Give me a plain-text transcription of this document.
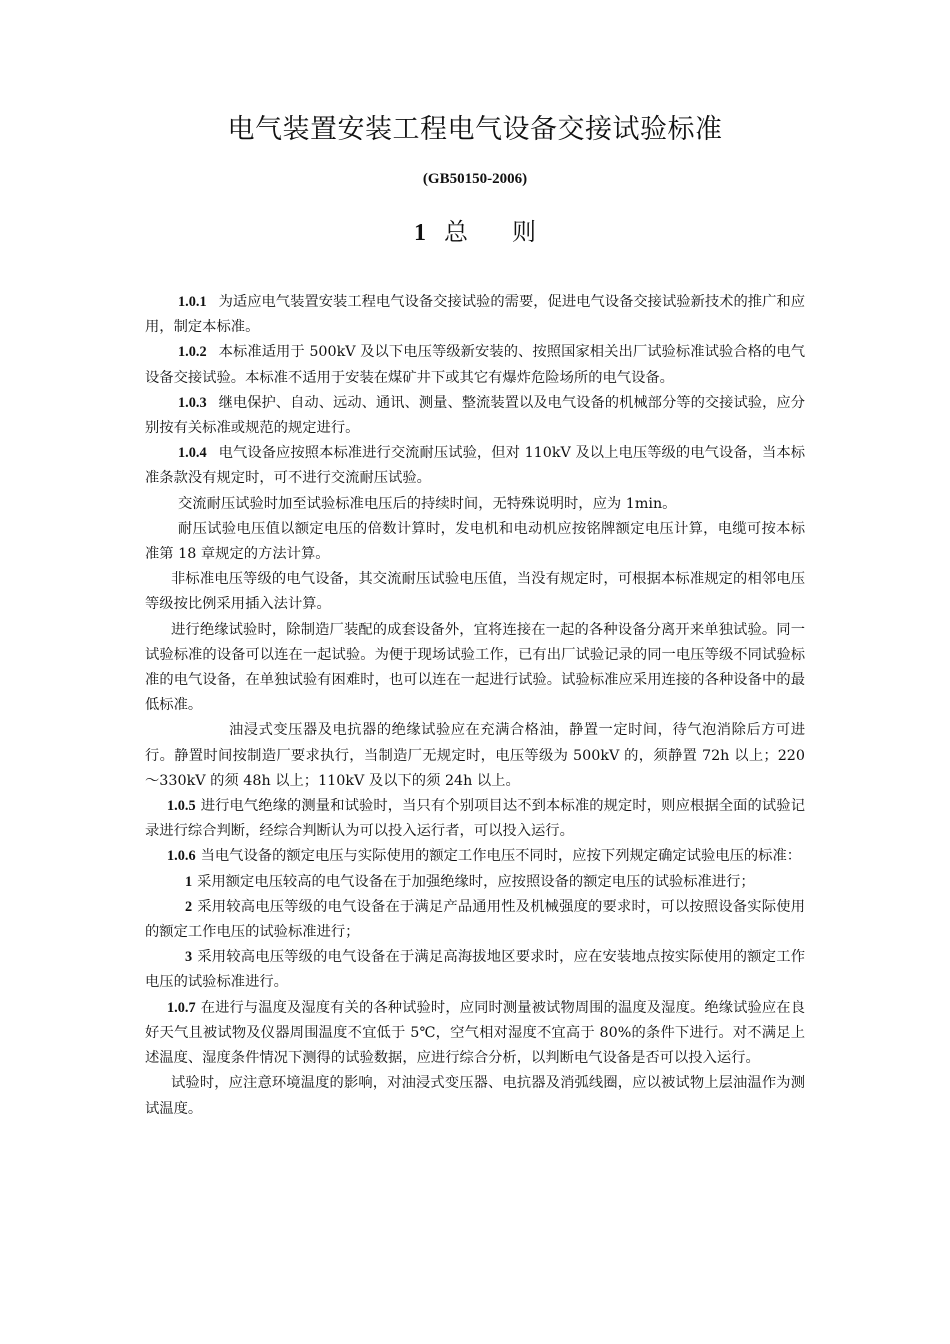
电气装置安装工程电气设备交接试验标准
(GB50150-2006)
1 总则

1.0.1 为适应电气装置安装工程电气设备交接试验的需要，促进电气设备交接试验新技术的推广和应用，制定本标准。

1.0.2 本标准适用于 500kV 及以下电压等级新安装的、按照国家相关出厂试验标准试验合格的电气设备交接试验。本标准不适用于安装在煤矿井下或其它有爆炸危险场所的电气设备。

1.0.3 继电保护、自动、远动、通讯、测量、整流装置以及电气设备的机械部分等的交接试验，应分别按有关标准或规范的规定进行。

1.0.4 电气设备应按照本标准进行交流耐压试验，但对 110kV 及以上电压等级的电气设备，当本标准条款没有规定时，可不进行交流耐压试验。

交流耐压试验时加至试验标准电压后的持续时间，无特殊说明时，应为 1min。

耐压试验电压值以额定电压的倍数计算时，发电机和电动机应按铭牌额定电压计算，电缆可按本标准第 18 章规定的方法计算。

非标准电压等级的电气设备，其交流耐压试验电压值，当没有规定时，可根据本标准规定的相邻电压等级按比例采用插入法计算。

进行绝缘试验时，除制造厂装配的成套设备外，宜将连接在一起的各种设备分离开来单独试验。同一试验标准的设备可以连在一起试验。为便于现场试验工作，已有出厂试验记录的同一电压等级不同试验标准的电气设备，在单独试验有困难时，也可以连在一起进行试验。试验标准应采用连接的各种设备中的最低标准。

油浸式变压器及电抗器的绝缘试验应在充满合格油，静置一定时间，待气泡消除后方可进行。静置时间按制造厂要求执行，当制造厂无规定时，电压等级为 500kV 的，须静置 72h 以上；220～330kV 的须 48h 以上；110kV 及以下的须 24h 以上。

1.0.5 进行电气绝缘的测量和试验时，当只有个别项目达不到本标准的规定时，则应根据全面的试验记录进行综合判断，经综合判断认为可以投入运行者，可以投入运行。

1.0.6 当电气设备的额定电压与实际使用的额定工作电压不同时，应按下列规定确定试验电压的标准：

1 采用额定电压较高的电气设备在于加强绝缘时，应按照设备的额定电压的试验标准进行；

2 采用较高电压等级的电气设备在于满足产品通用性及机械强度的要求时，可以按照设备实际使用的额定工作电压的试验标准进行；

3 采用较高电压等级的电气设备在于满足高海拔地区要求时，应在安装地点按实际使用的额定工作电压的试验标准进行。

1.0.7 在进行与温度及湿度有关的各种试验时，应同时测量被试物周围的温度及湿度。绝缘试验应在良好天气且被试物及仪器周围温度不宜低于 5℃，空气相对湿度不宜高于 80%的条件下进行。对不满足上述温度、湿度条件情况下测得的试验数据，应进行综合分析，以判断电气设备是否可以投入运行。

试验时，应注意环境温度的影响，对油浸式变压器、电抗器及消弧线圈，应以被试物上层油温作为测试温度。
